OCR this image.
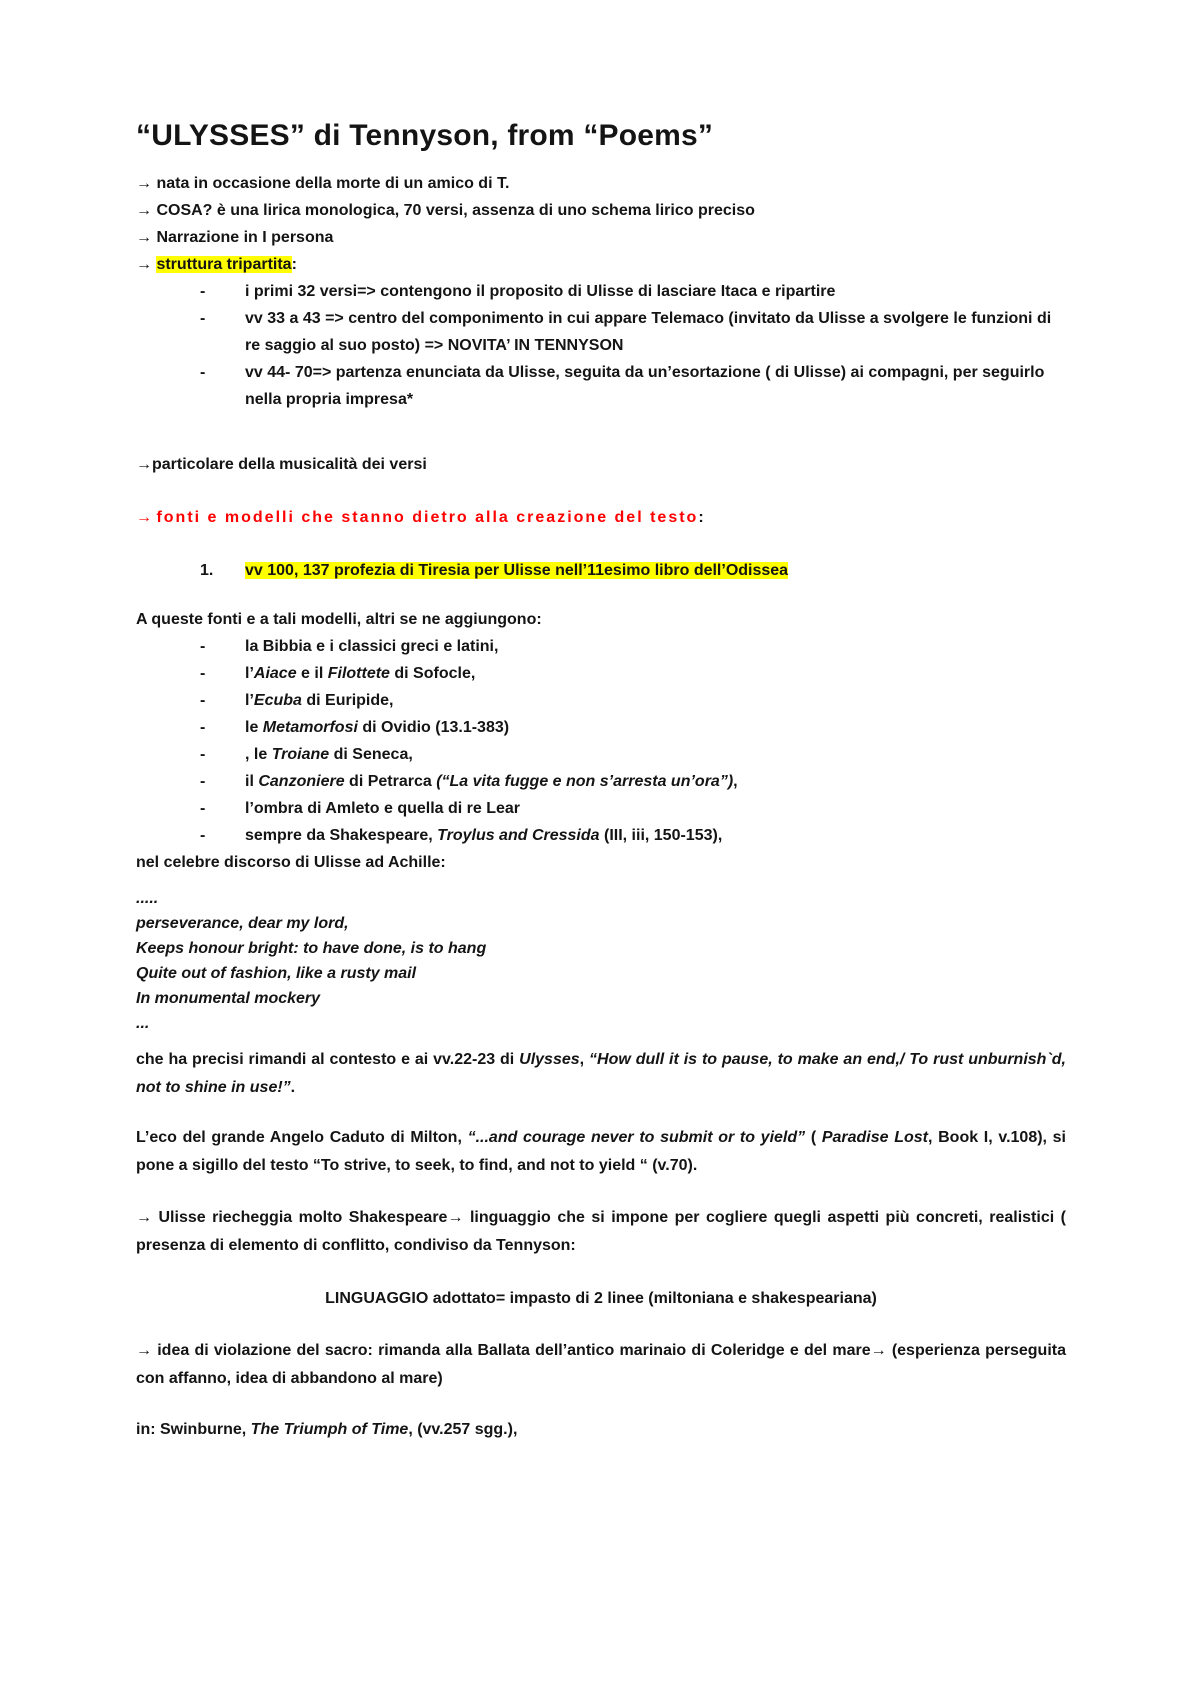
“ULYSSES” di Tennyson, from “Poems”

→ nata in occasione della morte di un amico di T.

→ COSA? è una lirica monologica, 70 versi, assenza di uno schema lirico preciso

→ Narrazione in I persona

→ struttura tripartita:

-	i primi 32 versi=> contengono il proposito di Ulisse di lasciare Itaca e ripartire
-	vv 33 a 43 => centro del componimento in cui appare Telemaco (invitato da Ulisse a svolgere le funzioni di re saggio al suo posto) => NOVITA’ IN TENNYSON
-	vv 44- 70=> partenza enunciata da Ulisse, seguita da un’esortazione ( di Ulisse) ai compagni, per seguirlo nella propria impresa*

→particolare della musicalità dei versi

→ fonti e modelli che stanno dietro alla creazione del testo:

1.	vv 100, 137 profezia di Tiresia per Ulisse nell’11esimo libro dell’Odissea

A queste fonti e a tali modelli, altri se ne aggiungono:

-	la Bibbia e i classici greci e latini,
-	l’Aiace e il Filottete di Sofocle,
-	l’Ecuba di Euripide,
-	le Metamorfosi di Ovidio (13.1-383)
-	, le Troiane di Seneca,
-	il Canzoniere di Petrarca (“La vita fugge e non s’arresta un’ora”),
-	l’ombra di Amleto e quella di re Lear
-	sempre da Shakespeare, Troylus and Cressida (III, iii, 150-153),

nel celebre discorso di Ulisse ad Achille:

.....

perseverance, dear my lord,

Keeps honour bright: to have done, is to hang

Quite out of fashion, like a rusty mail

In monumental mockery

...

che ha precisi rimandi al contesto e ai vv.22-23 di Ulysses, “How dull it is to pause, to make an end,/ To rust unburnish`d, not to shine in use!”.

L’eco del grande Angelo Caduto di Milton, “...and courage never to submit or to yield” ( Paradise Lost, Book I, v.108), si pone a sigillo del testo “To strive, to seek, to find, and not to yield “ (v.70).

→ Ulisse riecheggia molto Shakespeare→ linguaggio che si impone per cogliere quegli aspetti più concreti, realistici ( presenza di elemento di conflitto, condiviso da Tennyson:

LINGUAGGIO adottato= impasto di 2 linee (miltoniana e shakespeariana)

→ idea di violazione del sacro: rimanda alla Ballata dell’antico marinaio di Coleridge e del mare→ (esperienza perseguita con affanno, idea di abbandono al mare)

in: Swinburne, The Triumph of Time, (vv.257 sgg.),
